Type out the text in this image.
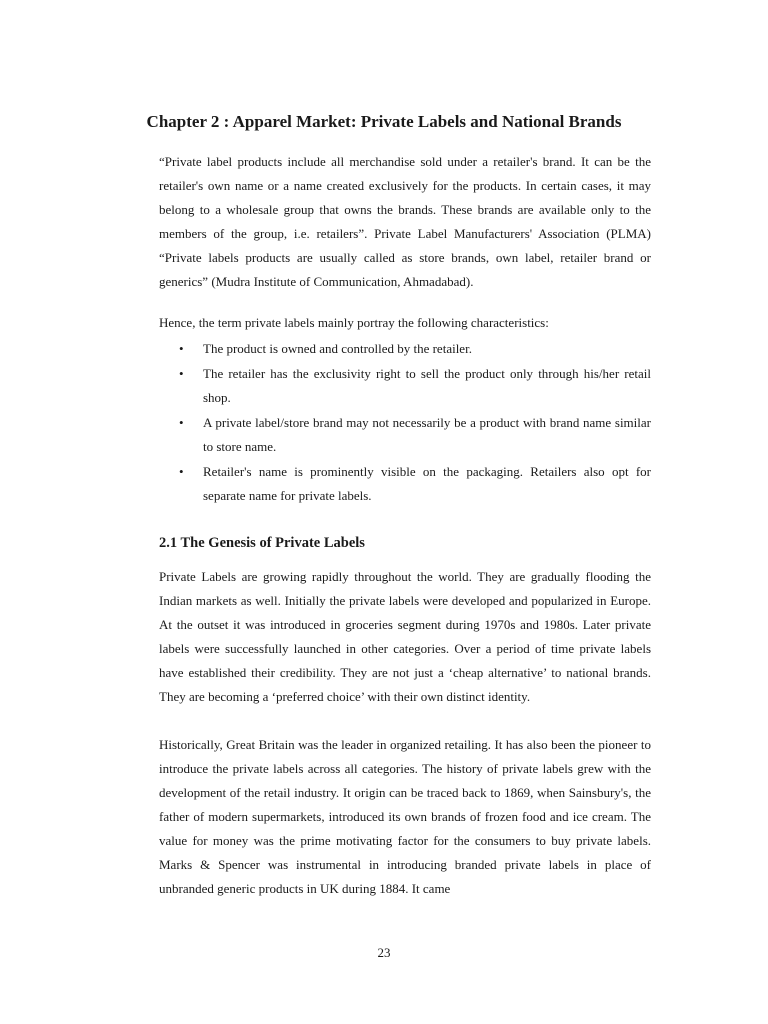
Chapter 2 : Apparel Market: Private Labels and National Brands

“Private label products include all merchandise sold under a retailer's brand. It can be the retailer's own name or a name created exclusively for the products. In certain cases, it may belong to a wholesale group that owns the brands. These brands are available only to the members of the group, i.e. retailers”. Private Label Manufacturers' Association (PLMA) “Private labels products are usually called as store brands, own label, retailer brand or generics” (Mudra Institute of Communication, Ahmadabad).

Hence, the term private labels mainly portray the following characteristics:

• The product is owned and controlled by the retailer.
• The retailer has the exclusivity right to sell the product only through his/her retail shop.
• A private label/store brand may not necessarily be a product with brand name similar to store name.
• Retailer's name is prominently visible on the packaging. Retailers also opt for separate name for private labels.
2.1 The Genesis of Private Labels

Private Labels are growing rapidly throughout the world. They are gradually flooding the Indian markets as well. Initially the private labels were developed and popularized in Europe. At the outset it was introduced in groceries segment during 1970s and 1980s. Later private labels were successfully launched in other categories. Over a period of time private labels have established their credibility. They are not just a ‘cheap alternative’ to national brands. They are becoming a ‘preferred choice’ with their own distinct identity.

Historically, Great Britain was the leader in organized retailing. It has also been the pioneer to introduce the private labels across all categories. The history of private labels grew with the development of the retail industry. It origin can be traced back to 1869, when Sainsbury's, the father of modern supermarkets, introduced its own brands of frozen food and ice cream. The value for money was the prime motivating factor for the consumers to buy private labels. Marks & Spencer was instrumental in introducing branded private labels in place of unbranded generic products in UK during 1884. It came

23
